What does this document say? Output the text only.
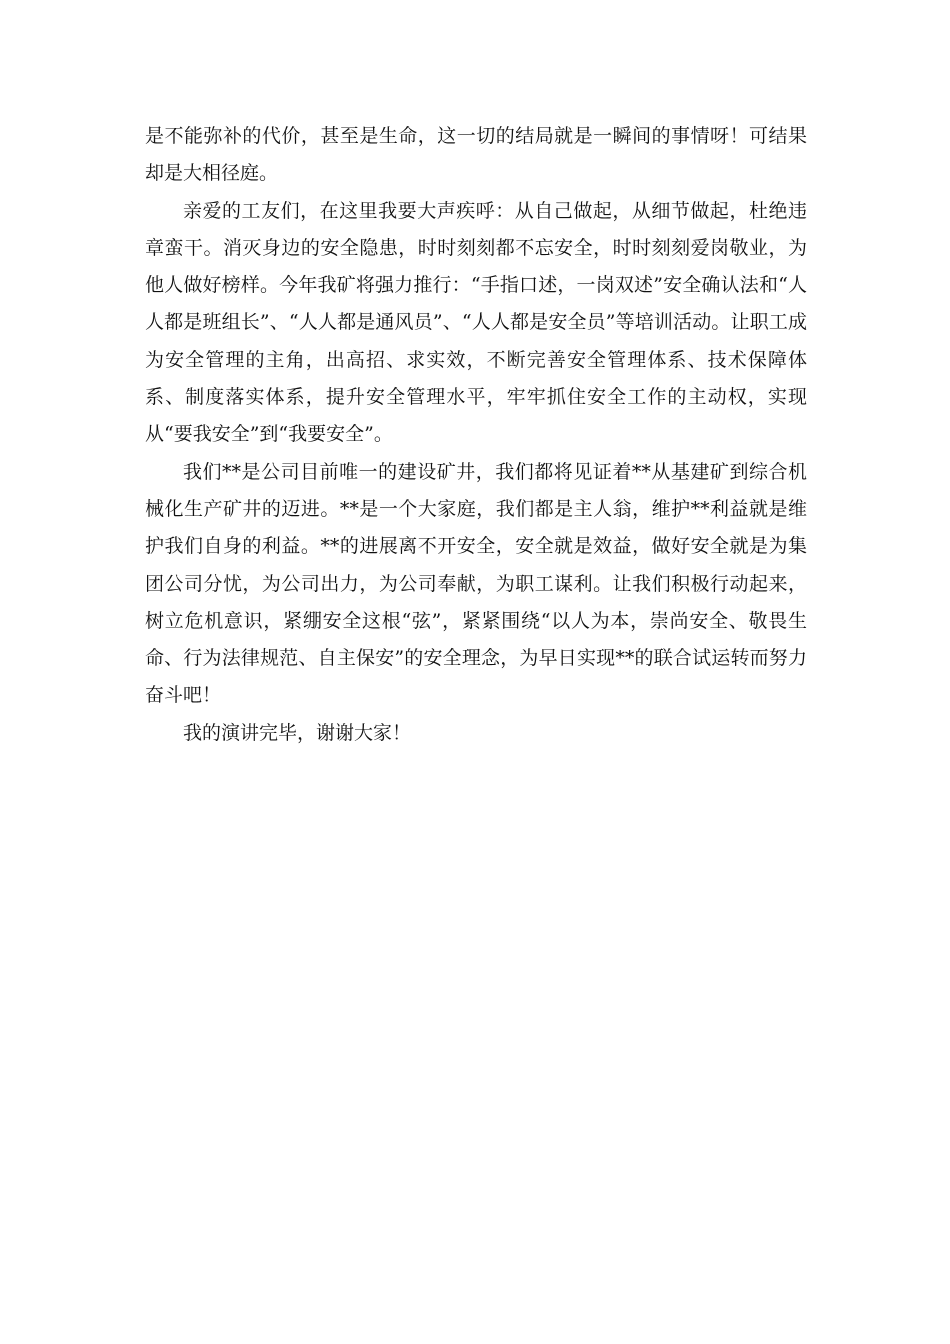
是不能弥补的代价，甚至是生命，这一切的结局就是一瞬间的事情呀！可结果却是大相径庭。

亲爱的工友们，在这里我要大声疾呼：从自己做起，从细节做起，杜绝违章蛮干。消灭身边的安全隐患，时时刻刻都不忘安全，时时刻刻爱岗敬业，为他人做好榜样。今年我矿将强力推行：“手指口述，一岗双述”安全确认法和“人人都是班组长”、“人人都是通风员”、“人人都是安全员”等培训活动。让职工成为安全管理的主角，出高招、求实效，不断完善安全管理体系、技术保障体系、制度落实体系，提升安全管理水平，牢牢抓住安全工作的主动权，实现从“要我安全”到“我要安全”。

我们**是公司目前唯一的建设矿井，我们都将见证着**从基建矿到综合机械化生产矿井的迈进。**是一个大家庭，我们都是主人翁，维护**利益就是维护我们自身的利益。**的进展离不开安全，安全就是效益，做好安全就是为集团公司分忧，为公司出力，为公司奉献，为职工谋利。让我们积极行动起来，树立危机意识，紧绷安全这根“弦”，紧紧围绕“以人为本，崇尚安全、敬畏生命、行为法律规范、自主保安”的安全理念，为早日实现**的联合试运转而努力奋斗吧！

我的演讲完毕，谢谢大家！
